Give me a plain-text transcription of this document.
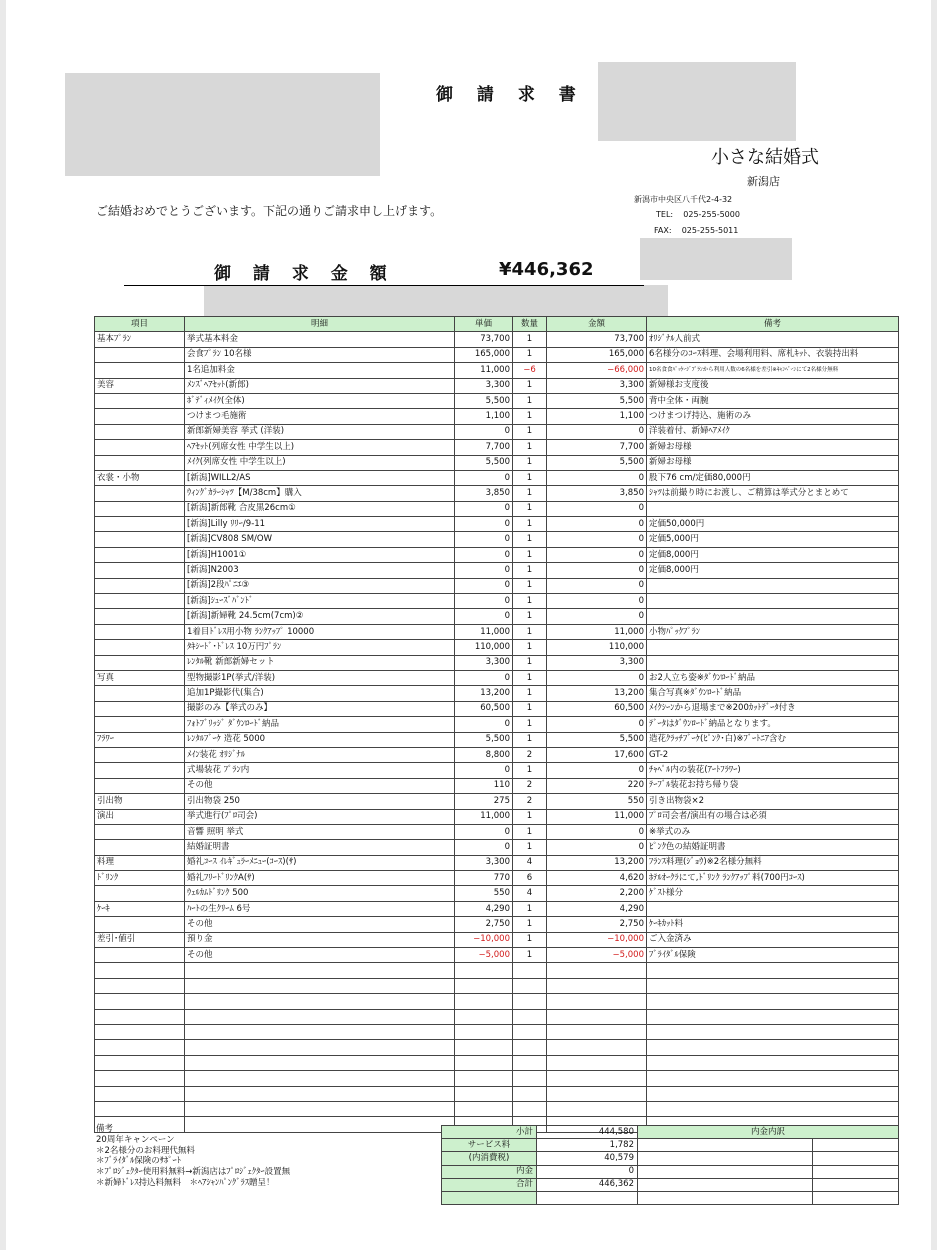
御 請 求 書
小さな結婚式
新潟店
新潟市中央区八千代2-4-32
TEL: 025-255-5000
FAX: 025-255-5011
ご結婚おめでとうございます。下記の通りご請求申し上げます。
御 請 求 金 額	¥446,362
項目	明細	単価	数量	金額	備考
基本ﾌﾟﾗﾝ	挙式基本料金	73,700	1	73,700	ｵﾘｼﾞﾅﾙ人前式
	会食ﾌﾟﾗﾝ 10名様	165,000	1	165,000	6名様分のｺｰｽ料理、会場利用料、席札ｷｯﾄ、衣装持出料
	1名追加料金	11,000	−6	−66,000	10名食食ﾊﾟｯｹｰｼﾞﾌﾟﾗﾝから利用人数の6名様を差引※ｷｬﾝﾍﾟｰﾝにて2名様分無料
美容	ﾒﾝｽﾞﾍｱｾｯﾄ(新郎)	3,300	1	3,300	新婦様お支度後
	ﾎﾞﾃﾞｨﾒｲｸ(全体)	5,500	1	5,500	背中全体・両腕
	つけまつ毛施術	1,100	1	1,100	つけまつげ持込、施術のみ
	新郎新婦美容 挙式 (洋装)	0	1	0	洋装着付、新婦ﾍｱﾒｲｸ
	ﾍｱｾｯﾄ(列席女性 中学生以上)	7,700	1	7,700	新婦お母様
	ﾒｲｸ(列席女性 中学生以上)	5,500	1	5,500	新婦お母様
衣裳・小物	[新潟]WILL2/AS	0	1	0	股下76 cm/定価80,000円
	ｳｨﾝｸﾞｶﾗｰｼｬﾂ【M/38cm】購入	3,850	1	3,850	ｼｬﾂは前撮り時にお渡し、ご精算は挙式分とまとめて
	[新潟]新郎靴 合皮黒26cm①	0	1	0	
	[新潟]Lilly ﾘﾘｰ/9-11	0	1	0	定価50,000円
	[新潟]CV808 SM/OW	0	1	0	定価5,000円
	[新潟]H1001①	0	1	0	定価8,000円
	[新潟]N2003	0	1	0	定価8,000円
	[新潟]2段ﾊﾟﾆｴ③	0	1	0	
	[新潟]ｼｭｰｽﾞﾊﾞﾝﾄﾞ	0	1	0	
	[新潟]新婦靴 24.5cm(7cm)②	0	1	0	
	1着目ﾄﾞﾚｽ用小物 ﾗﾝｸｱｯﾌﾟ 10000	11,000	1	11,000	小物ﾊﾟｯｸﾌﾟﾗﾝ
	ﾀｷｼｰﾄﾞ･ﾄﾞﾚｽ 10万円ﾌﾟﾗﾝ	110,000	1	110,000	
	ﾚﾝﾀﾙ靴 新郎新婦セット	3,300	1	3,300	
写真	型物撮影1P(挙式/洋装)	0	1	0	お2人立ち姿※ﾀﾞｳﾝﾛｰﾄﾞ納品
	追加1P撮影代(集合)	13,200	1	13,200	集合写真※ﾀﾞｳﾝﾛｰﾄﾞ納品
	撮影のみ【挙式のみ】	60,500	1	60,500	ﾒｲｸｼｰﾝから退場まで※200ｶｯﾄﾃﾞｰﾀ付き
	ﾌｫﾄﾌﾞﾘｯｼﾞ ﾀﾞｳﾝﾛｰﾄﾞ納品	0	1	0	ﾃﾞｰﾀはﾀﾞｳﾝﾛｰﾄﾞ納品となります。
ﾌﾗﾜｰ	ﾚﾝﾀﾙﾌﾞｰｹ 造花 5000	5,500	1	5,500	造花ｸﾗｯﾁﾌﾞｰｹ(ﾋﾟﾝｸ･白)※ﾌﾞｰﾄﾆｱ含む
	ﾒｲﾝ装花 ｵﾘｼﾞﾅﾙ	8,800	2	17,600	GT-2
	式場装花 ﾌﾟﾗﾝ内	0	1	0	ﾁｬﾍﾟﾙ内の装花(ｱｰﾄﾌﾗﾜｰ)
	その他	110	2	220	ﾃｰﾌﾞﾙ装花お持ち帰り袋
引出物	引出物袋 250	275	2	550	引き出物袋×2
演出	挙式進行(ﾌﾟﾛ司会)	11,000	1	11,000	ﾌﾟﾛ司会者/演出有の場合は必須
	音響 照明 挙式	0	1	0	※挙式のみ
	結婚証明書	0	1	0	ﾋﾟﾝｸ色の結婚証明書
料理	婚礼ｺｰｽ ｲﾚｷﾞｭﾗｰﾒﾆｭｰ(ｺｰｽ)(ｻ)	3,300	4	13,200	ﾌﾗﾝｽ料理(ｼﾞｮｳ)※2名様分無料
ﾄﾞﾘﾝｸ	婚礼ﾌﾘｰﾄﾞﾘﾝｸA(ｻ)	770	6	4,620	ﾎﾃﾙｵｰｸﾗにて,ﾄﾞﾘﾝｸ ﾗﾝｸｱｯﾌﾟ料(700円ｺｰｽ)
	ｳｪﾙｶﾑﾄﾞﾘﾝｸ 500	550	4	2,200	ｹﾞｽﾄ様分
ｹｰｷ	ﾊｰﾄの生ｸﾘｰﾑ 6号	4,290	1	4,290	
	その他	2,750	1	2,750	ｹｰｷｶｯﾄ料
差引･値引	預り金	−10,000	1	−10,000	ご入金済み
	その他	−5,000	1	−5,000	ﾌﾞﾗｲﾀﾞﾙ保険

備考
20周年キャンペーン
＊2名様分のお料理代無料
＊ﾌﾞﾗｲﾀﾞﾙ保険のｻﾎﾟｰﾄ
＊ﾌﾟﾛｼﾞｪｸﾀｰ使用料無料→新潟店はﾌﾟﾛｼﾞｪｸﾀｰ設置無
＊新婦ﾄﾞﾚｽ持込料無料　＊ﾍｱｼｬﾝﾊﾟﾝｸﾞﾗｽ贈呈！
小計	444,580	内金内訳	
サービス料	1,782		
(内消費税)	40,579		
内金	0		
合計	446,362		
